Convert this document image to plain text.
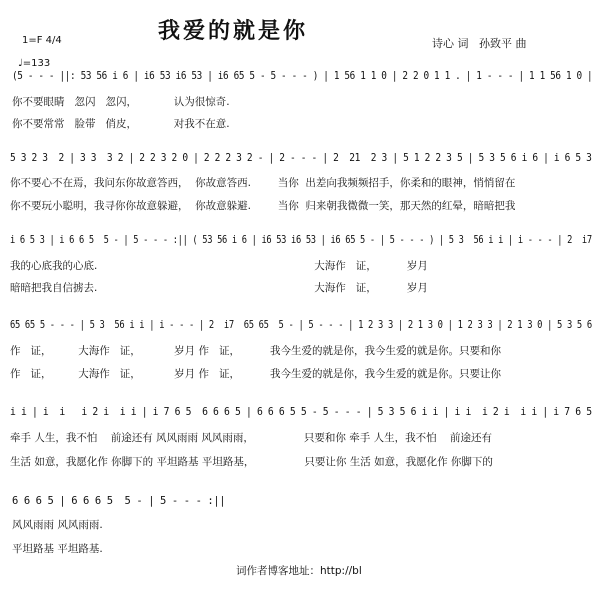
1=F 4/4	我爱的就是你	诗心 词   孙致平 曲
♩=133
(5 - - - ||: 53 56 i 6 | i6 53 i6 53 | i6 65 5 - 5 - - - ) | 1 56 1 1 0 | 2 2 0 1 1 . | 1 - - - | 1 1 56 1 0 |
你不要眼睛   忽闪   忽闪，           认为很惊奇.
你不要常常   脸带   俏皮，           对我不在意.
5 3 2 3  2 | 3 3  3 2 | 2 2 3 2 0 | 2 2 2 3 2 - | 2 - - - | 2  21  2 3 | 5 1 2 2 3 5 | 5 3 5 6 i 6 | i 6 5 3
你不要心不在焉，我问东你故意答西，  你故意答西.        当你  出差向我频频招手，你柔和的眼神，悄悄留在
你不要玩小聪明，我寻你你故意躲避，  你故意躲避.        当你  归来朝我微微一笑，那天然的红晕，暗暗把我
i 6 5 3 | i 6 6 5  5 - | 5 - - - :|| ( 53 56 i 6 | i6 53 i6 53 | i6 65 5 - | 5 - - - ) | 5 3  56 i i | i - - - | 2  i7
我的心底我的心底.                                                                 大海作   证，         岁月
暗暗把我自信掳去.                                                                 大海作   证，         岁月
65 65 5 - - - | 5 3  56 i i | i - - - | 2  i7  65 65  5 - | 5 - - - | 1 2 3 3 | 2 1 3 0 | 1 2 3 3 | 2 1 3 0 | 5 3 5 6
作   证，        大海作   证，          岁月 作   证，         我今生爱的就是你，我今生爱的就是你。只要和你
作   证，        大海作   证，          岁月 作   证，         我今生爱的就是你，我今生爱的就是你。只要让你
i i | i  i   i 2 i  i i | i 7 6 5  6 6 6 5 | 6 6 6 5 5 - 5 - - - | 5 3 5 6 i i | i i  i 2 i  i i | i 7 6 5
牵手 人生，我不怕    前途还有 风风雨雨 风风雨雨，               只要和你 牵手 人生，我不怕    前途还有
生活 如意，我愿化作 你脚下的 平坦路基 平坦路基，               只要让你 生活 如意，我愿化作 你脚下的
6 6 6 5 | 6 6 6 5  5 - | 5 - - - :||
风风雨雨 风风雨雨.
平坦路基 平坦路基.
词作者博客地址：http://bl
